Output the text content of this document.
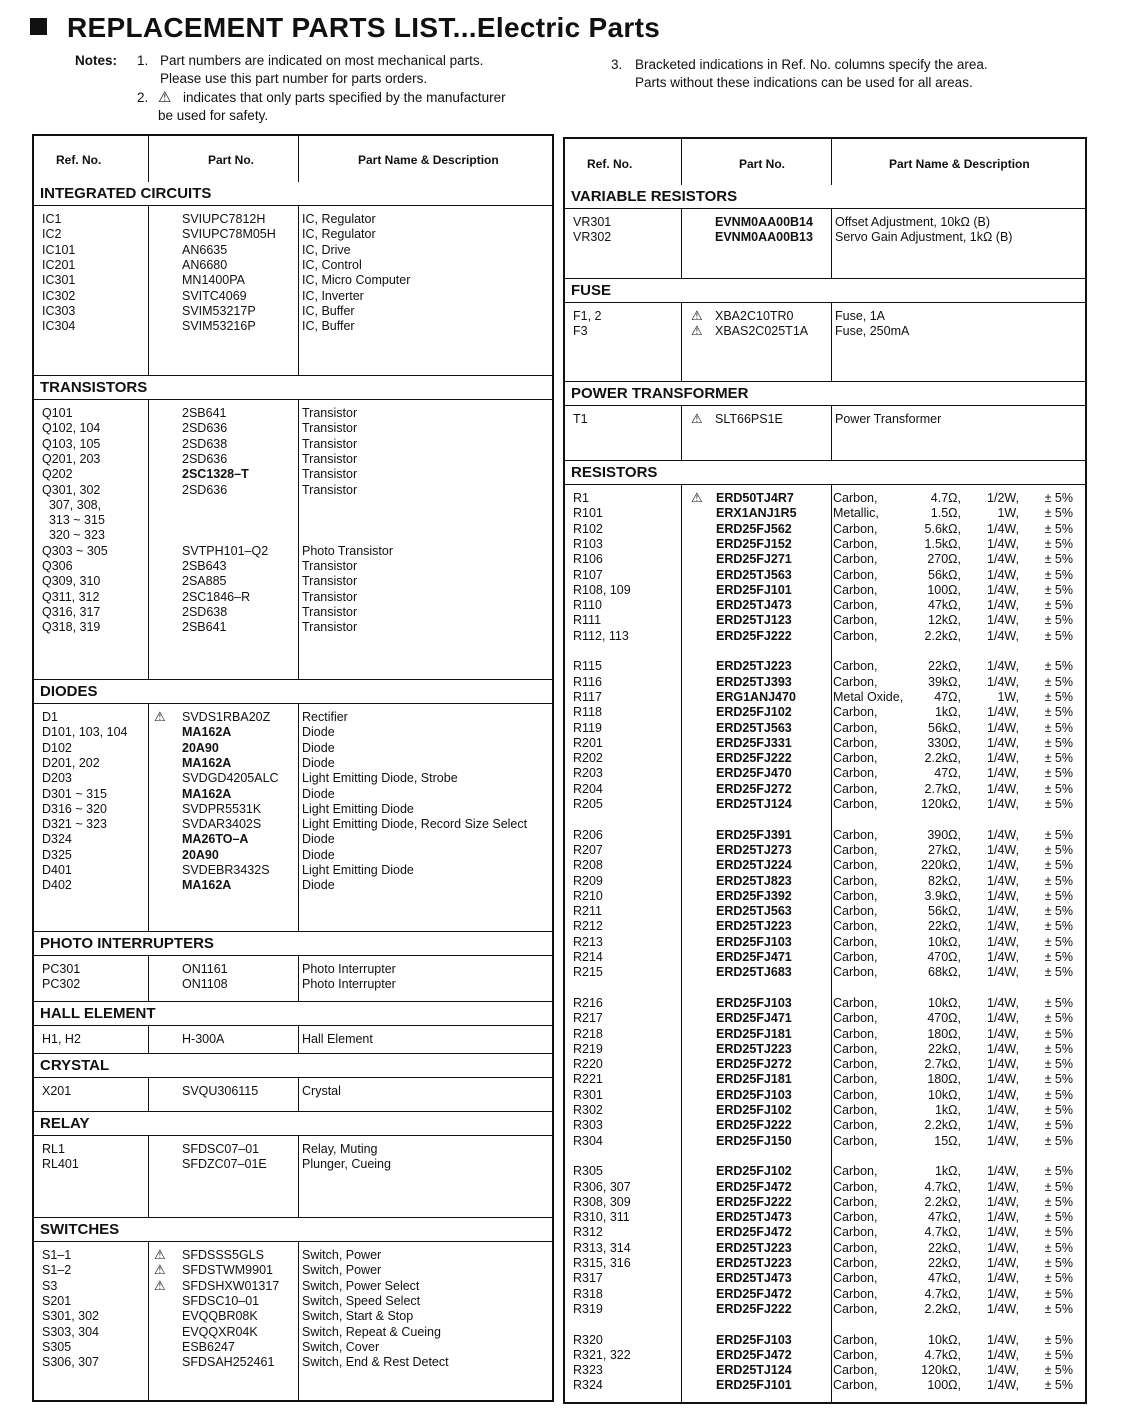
REPLACEMENT PARTS LIST...Electric Parts
Notes: 1. Part numbers are indicated on most mechanical parts.
Please use this part number for parts orders.
2. ⚠ indicates that only parts specified by the manufacturer
be used for safety.
3. Bracketed indications in Ref. No. columns specify the area.
Parts without these indications can be used for all areas.
Ref. No.	Part No.	Part Name & Description
INTEGRATED CIRCUITS
IC1	SVIUPC7812H	IC, Regulator
IC2	SVIUPC78M05H IC, Regulator
IC101	AN6635	IC, Drive
IC201	AN6680	IC, Control
IC301	MN1400PA	IC, Micro Computer
IC302	SVITC4069	IC, Inverter
IC303	SVIM53217P	IC, Buffer
IC304	SVIM53216P	IC, Buffer
TRANSISTORS
Q101	2SB641	Transistor
Q102, 104	2SD636	Transistor
Q103, 105	2SD638	Transistor
Q201, 203	2SD636	Transistor
Q202	2SC1328–T	Transistor
Q301, 302	2SD636	Transistor
307, 308,
313 ~ 315
320 ~ 323
Q303 ~ 305	SVTPH101–Q2	Photo Transistor
Q306	2SB643	Transistor
Q309, 310	2SA885	Transistor
Q311, 312	2SC1846–R	Transistor
Q316, 317	2SD638	Transistor
Q318, 319	2SB641	Transistor
DIODES
D1	⚠ SVDS1RBA20Z	Rectifier
D101, 103, 104	MA162A	Diode
D102	20A90	Diode
D201, 202	MA162A	Diode
D203	SVDGD4205ALC Light Emitting Diode, Strobe
D301 ~ 315	MA162A	Diode
D316 ~ 320	SVDPR5531K	Light Emitting Diode
D321 ~ 323	SVDAR3402S	Light Emitting Diode, Record Size Select
D324	MA26TO–A	Diode
D325	20A90	Diode
D401	SVDEBR3432S	Light Emitting Diode
D402	MA162A	Diode
PHOTO INTERRUPTERS
PC301	ON1161	Photo Interrupter
PC302	ON1108	Photo Interrupter
HALL ELEMENT
H1, H2	H-300A	Hall Element
CRYSTAL
X201	SVQU306115	Crystal
RELAY
RL1	SFDSC07–01	Relay, Muting
RL401	SFDZC07–01E	Plunger, Cueing
SWITCHES
S1–1	⚠ SFDSSS5GLS	Switch, Power
S1–2	⚠ SFDSTWM9901 Switch, Power
S3	⚠ SFDSHXW01317 Switch, Power Select
S201	SFDSC10–01	Switch, Speed Select
S301, 302	EVQQBR08K	Switch, Start & Stop
S303, 304	EVQQXR04K	Switch, Repeat & Cueing
S305	ESB6247	Switch, Cover
S306, 307	SFDSAH252461 Switch, End & Rest Detect
Ref. No.	Part No.	Part Name & Description
VARIABLE RESISTORS
VR301	EVNM0AA00B14 Offset Adjustment, 10kΩ (B)
VR302	EVNM0AA00B13 Servo Gain Adjustment, 1kΩ (B)
FUSE
F1, 2	⚠ XBA2C10TR0	Fuse, 1A
F3	⚠ XBAS2C025T1A Fuse, 250mA
POWER TRANSFORMER
T1	⚠ SLT66PS1E	Power Transformer
RESISTORS
R1	⚠ ERD50TJ4R7	Carbon,	4.7Ω,	1/2W,	± 5%
R101	ERX1ANJ1R5	Metallic,	1.5Ω,	1W,	± 5%
R102	ERD25FJ562	Carbon,	5.6kΩ,	1/4W,	± 5%
R103	ERD25FJ152	Carbon,	1.5kΩ,	1/4W,	± 5%
R106	ERD25FJ271	Carbon,	270Ω,	1/4W,	± 5%
R107	ERD25TJ563	Carbon,	56kΩ,	1/4W,	± 5%
R108, 109	ERD25FJ101	Carbon,	100Ω,	1/4W,	± 5%
R110	ERD25TJ473	Carbon,	47kΩ,	1/4W,	± 5%
R111	ERD25TJ123	Carbon,	12kΩ,	1/4W,	± 5%
R112, 113	ERD25FJ222	Carbon,	2.2kΩ,	1/4W,	± 5%
R115	ERD25TJ223	Carbon,	22kΩ,	1/4W,	± 5%
R116	ERD25TJ393	Carbon,	39kΩ,	1/4W,	± 5%
R117	ERG1ANJ470	Metal Oxide,	47Ω,	1W,	± 5%
R118	ERD25FJ102	Carbon,	1kΩ,	1/4W,	± 5%
R119	ERD25TJ563	Carbon,	56kΩ,	1/4W,	± 5%
R201	ERD25FJ331	Carbon,	330Ω,	1/4W,	± 5%
R202	ERD25FJ222	Carbon,	2.2kΩ,	1/4W,	± 5%
R203	ERD25FJ470	Carbon,	47Ω,	1/4W,	± 5%
R204	ERD25FJ272	Carbon,	2.7kΩ,	1/4W,	± 5%
R205	ERD25TJ124	Carbon,	120kΩ,	1/4W,	± 5%
R206	ERD25FJ391	Carbon,	390Ω,	1/4W,	± 5%
R207	ERD25TJ273	Carbon,	27kΩ,	1/4W,	± 5%
R208	ERD25TJ224	Carbon,	220kΩ,	1/4W,	± 5%
R209	ERD25TJ823	Carbon,	82kΩ,	1/4W,	± 5%
R210	ERD25FJ392	Carbon,	3.9kΩ,	1/4W,	± 5%
R211	ERD25TJ563	Carbon,	56kΩ,	1/4W,	± 5%
R212	ERD25TJ223	Carbon,	22kΩ,	1/4W,	± 5%
R213	ERD25FJ103	Carbon,	10kΩ,	1/4W,	± 5%
R214	ERD25FJ471	Carbon,	470Ω,	1/4W,	± 5%
R215	ERD25TJ683	Carbon,	68kΩ,	1/4W,	± 5%
R216	ERD25FJ103	Carbon,	10kΩ,	1/4W,	± 5%
R217	ERD25FJ471	Carbon,	470Ω,	1/4W,	± 5%
R218	ERD25FJ181	Carbon,	180Ω,	1/4W,	± 5%
R219	ERD25TJ223	Carbon,	22kΩ,	1/4W,	± 5%
R220	ERD25FJ272	Carbon,	2.7kΩ,	1/4W,	± 5%
R221	ERD25FJ181	Carbon,	180Ω,	1/4W,	± 5%
R301	ERD25FJ103	Carbon,	10kΩ,	1/4W,	± 5%
R302	ERD25FJ102	Carbon,	1kΩ,	1/4W,	± 5%
R303	ERD25FJ222	Carbon,	2.2kΩ,	1/4W,	± 5%
R304	ERD25FJ150	Carbon,	15Ω,	1/4W,	± 5%
R305	ERD25FJ102	Carbon,	1kΩ,	1/4W,	± 5%
R306, 307	ERD25FJ472	Carbon,	4.7kΩ,	1/4W,	± 5%
R308, 309	ERD25FJ222	Carbon,	2.2kΩ,	1/4W,	± 5%
R310, 311	ERD25TJ473	Carbon,	47kΩ,	1/4W,	± 5%
R312	ERD25FJ472	Carbon,	4.7kΩ,	1/4W,	± 5%
R313, 314	ERD25TJ223	Carbon,	22kΩ,	1/4W,	± 5%
R315, 316	ERD25TJ223	Carbon,	22kΩ,	1/4W,	± 5%
R317	ERD25TJ473	Carbon,	47kΩ,	1/4W,	± 5%
R318	ERD25FJ472	Carbon,	4.7kΩ,	1/4W,	± 5%
R319	ERD25FJ222	Carbon,	2.2kΩ,	1/4W,	± 5%
R320	ERD25FJ103	Carbon,	10kΩ,	1/4W,	± 5%
R321, 322	ERD25FJ472	Carbon,	4.7kΩ,	1/4W,	± 5%
R323	ERD25TJ124	Carbon,	120kΩ,	1/4W,	± 5%
R324	ERD25FJ101	Carbon,	100Ω,	1/4W,	± 5%
